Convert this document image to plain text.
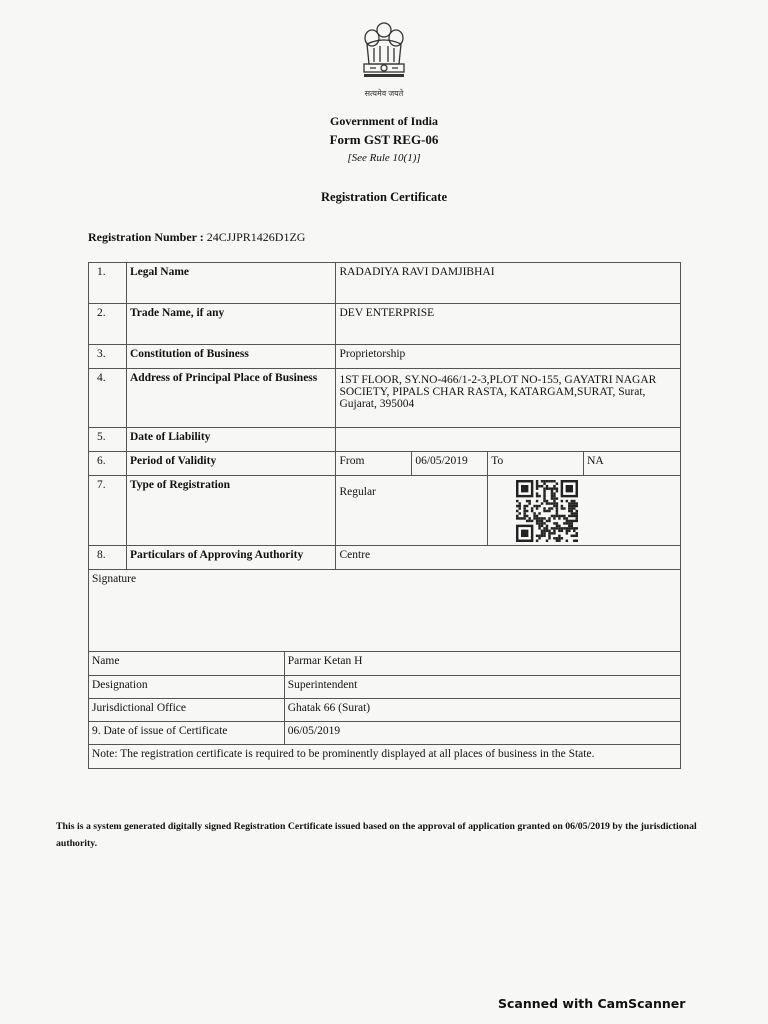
सत्यमेव जयते
Government of India
Form GST REG-06
[See Rule 10(1)]
Registration Certificate
Registration Number : 24CJJPR1426D1ZG
1.	Legal Name	RADADIYA RAVI DAMJIBHAI			
2.	Trade Name, if any	DEV ENTERPRISE			
3.	Constitution of Business	Proprietorship			
4.	Address of Principal Place of Business	1ST FLOOR, SY.NO-466/1-2-3,PLOT NO-155, GAYATRI NAGAR SOCIETY, PIPALS CHAR RASTA, KATARGAM,SURAT, Surat, Gujarat, 395004			
5.	Date of Liability				
6.	Period of Validity	From	06/05/2019	To	NA
7.	Type of Registration	Regular	

8.	Particulars of Approving Authority	Centre			
Signature	
Name	Parmar Ketan H
Designation	Superintendent
Jurisdictional Office	Ghatak 66 (Surat)
9. Date of issue of Certificate	06/05/2019
Note: The registration certificate is required to be prominently displayed at all places of business in the State.	
This is a system generated digitally signed Registration Certificate issued based on the approval of application granted on 06/05/2019 by the jurisdictional authority.
Scanned with CamScanner
